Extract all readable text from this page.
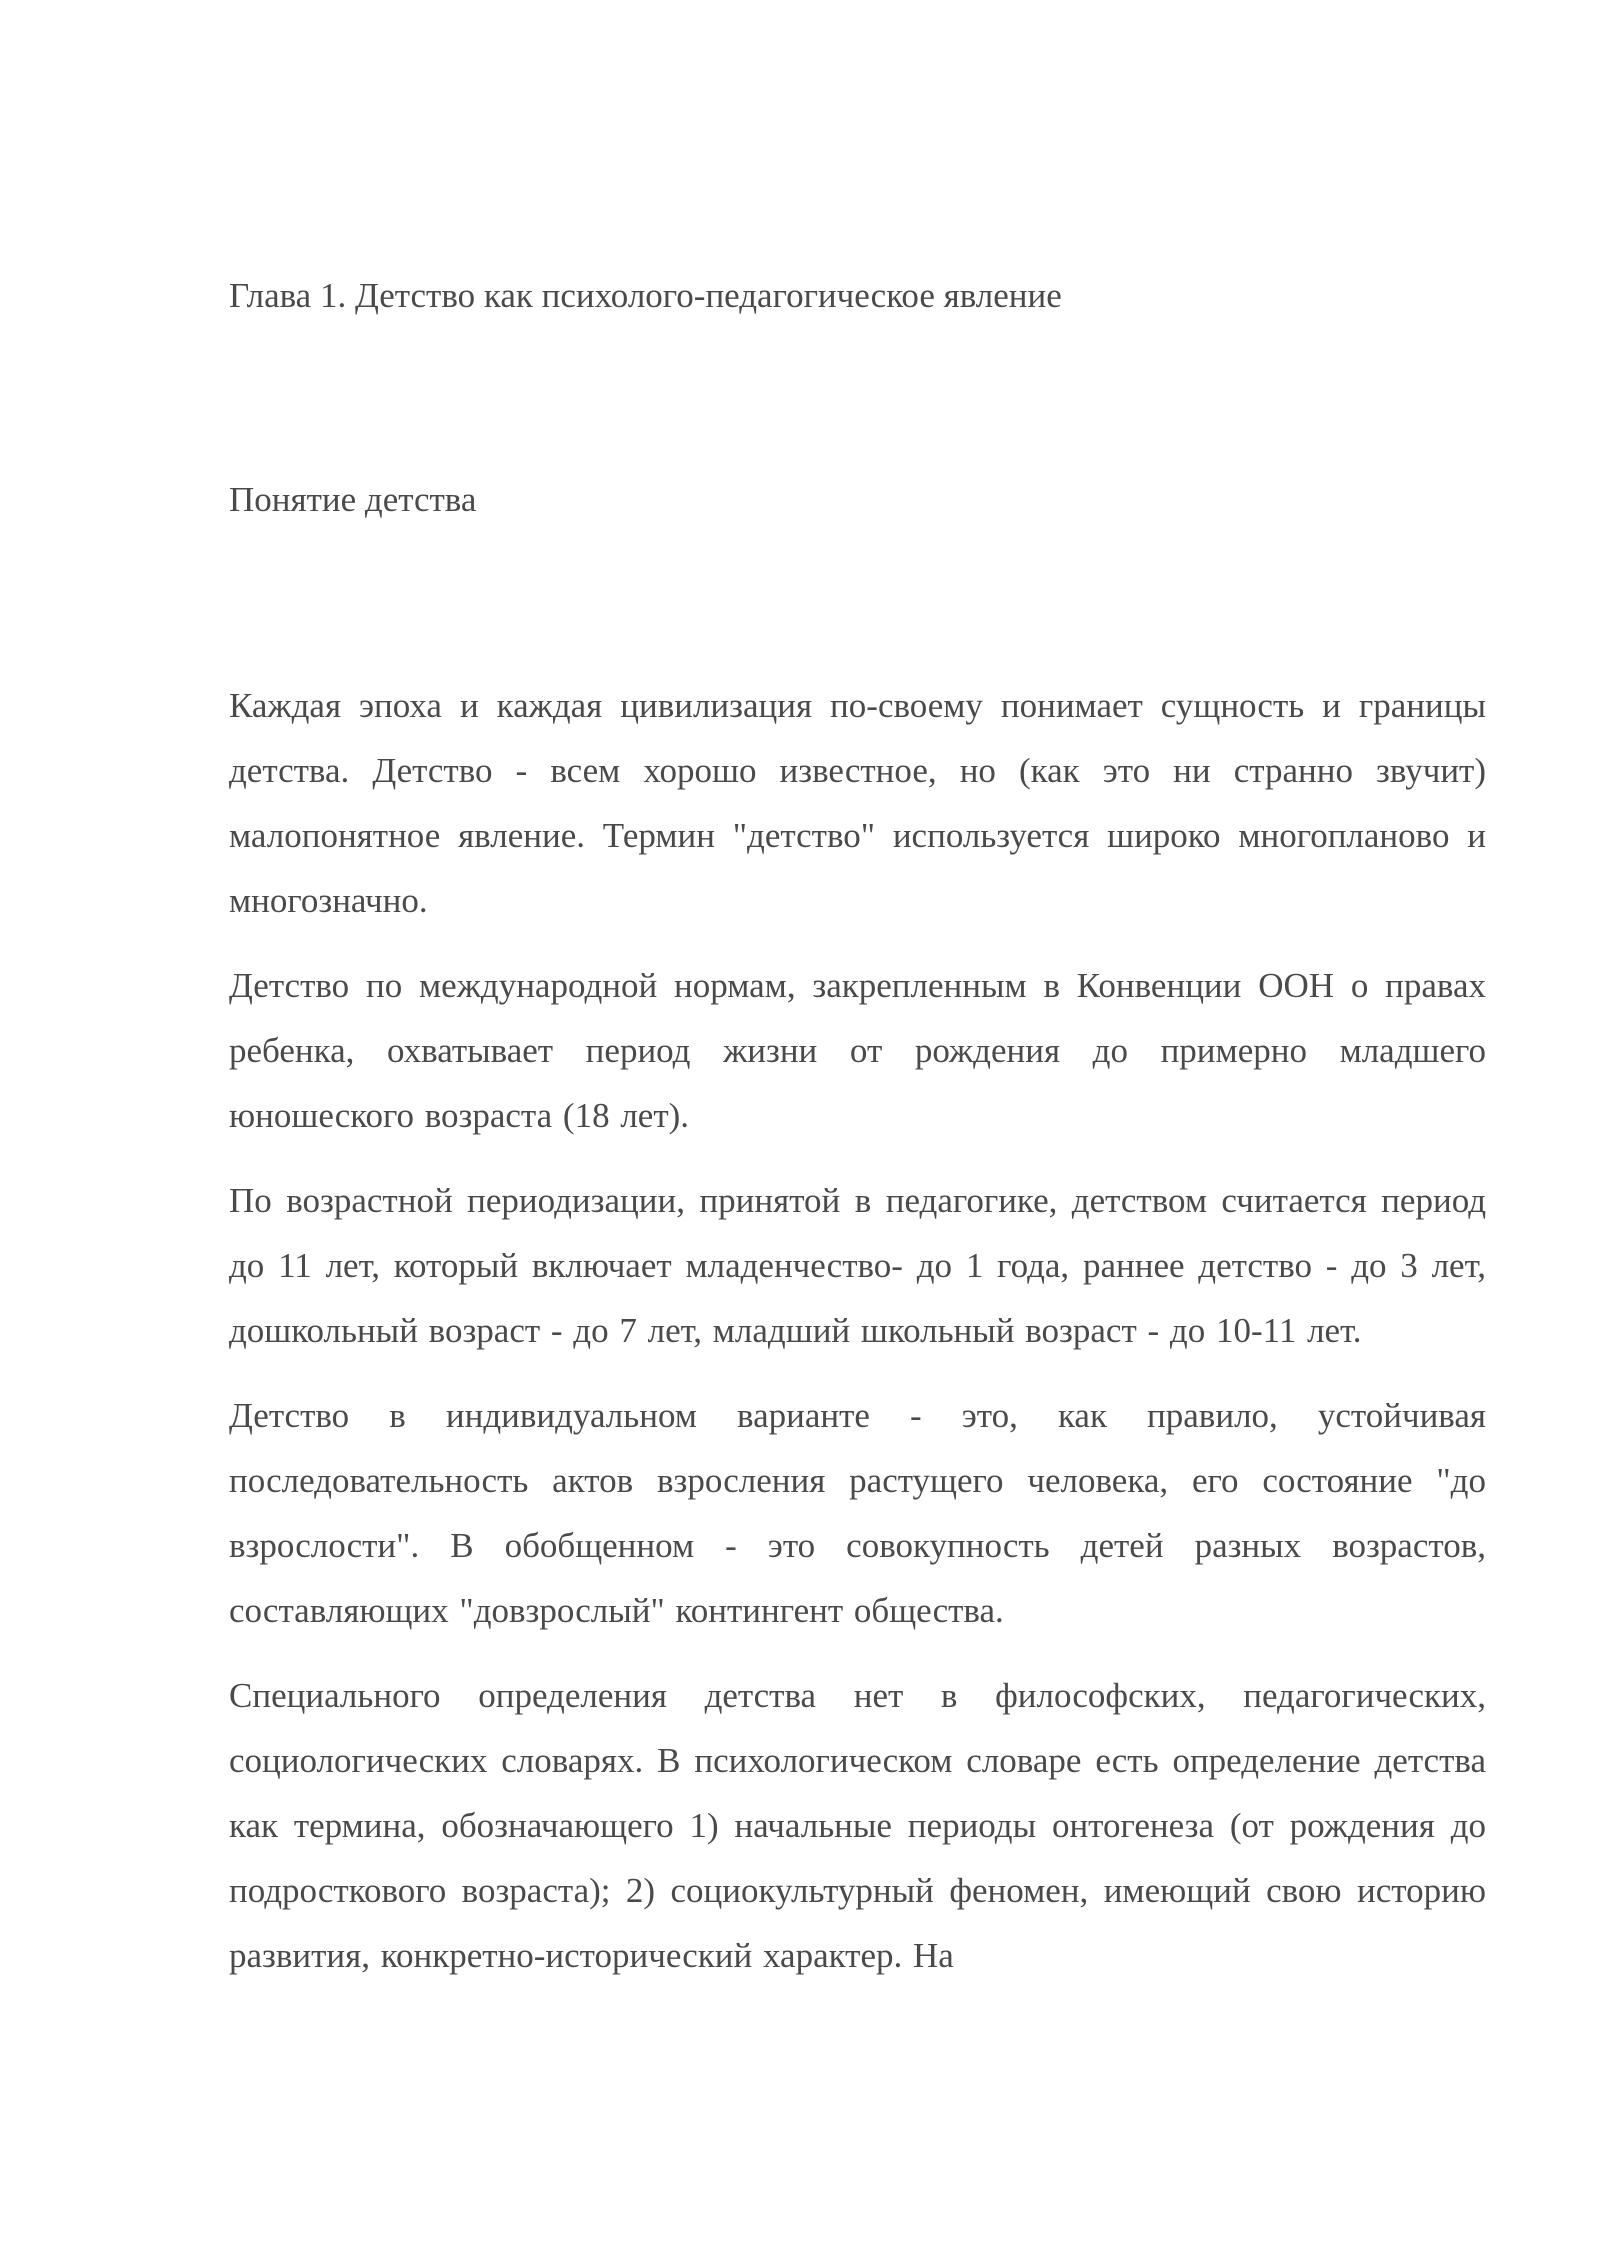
Глава 1. Детство как психолого-педагогическое явление
Понятие детства

Каждая эпоха и каждая цивилизация по-своему понимает сущность и границы детства. Детство - всем хорошо известное, но (как это ни странно звучит) малопонятное явление. Термин "детство" используется широко многопланово и многозначно.

Детство по международной нормам, закрепленным в Конвенции ООН о правах ребенка, охватывает период жизни от рождения до примерно младшего юношеского возраста (18 лет).

По возрастной периодизации, принятой в педагогике, детством считается период до 11 лет, который включает младенчество- до 1 года, раннее детство - до 3 лет, дошкольный возраст - до 7 лет, младший школьный возраст - до 10-11 лет.

Детство в индивидуальном варианте - это, как правило, устойчивая последовательность актов взросления растущего человека, его состояние "до взрослости". В обобщенном - это совокупность детей разных возрастов, составляющих "довзрослый" контингент общества.

Специального определения детства нет в философских, педагогических, социологических словарях. В психологическом словаре есть определение детства как термина, обозначающего 1) начальные периоды онтогенеза (от рождения до подросткового возраста); 2) социокультурный феномен, имеющий свою историю развития, конкретно-исторический характер. На
